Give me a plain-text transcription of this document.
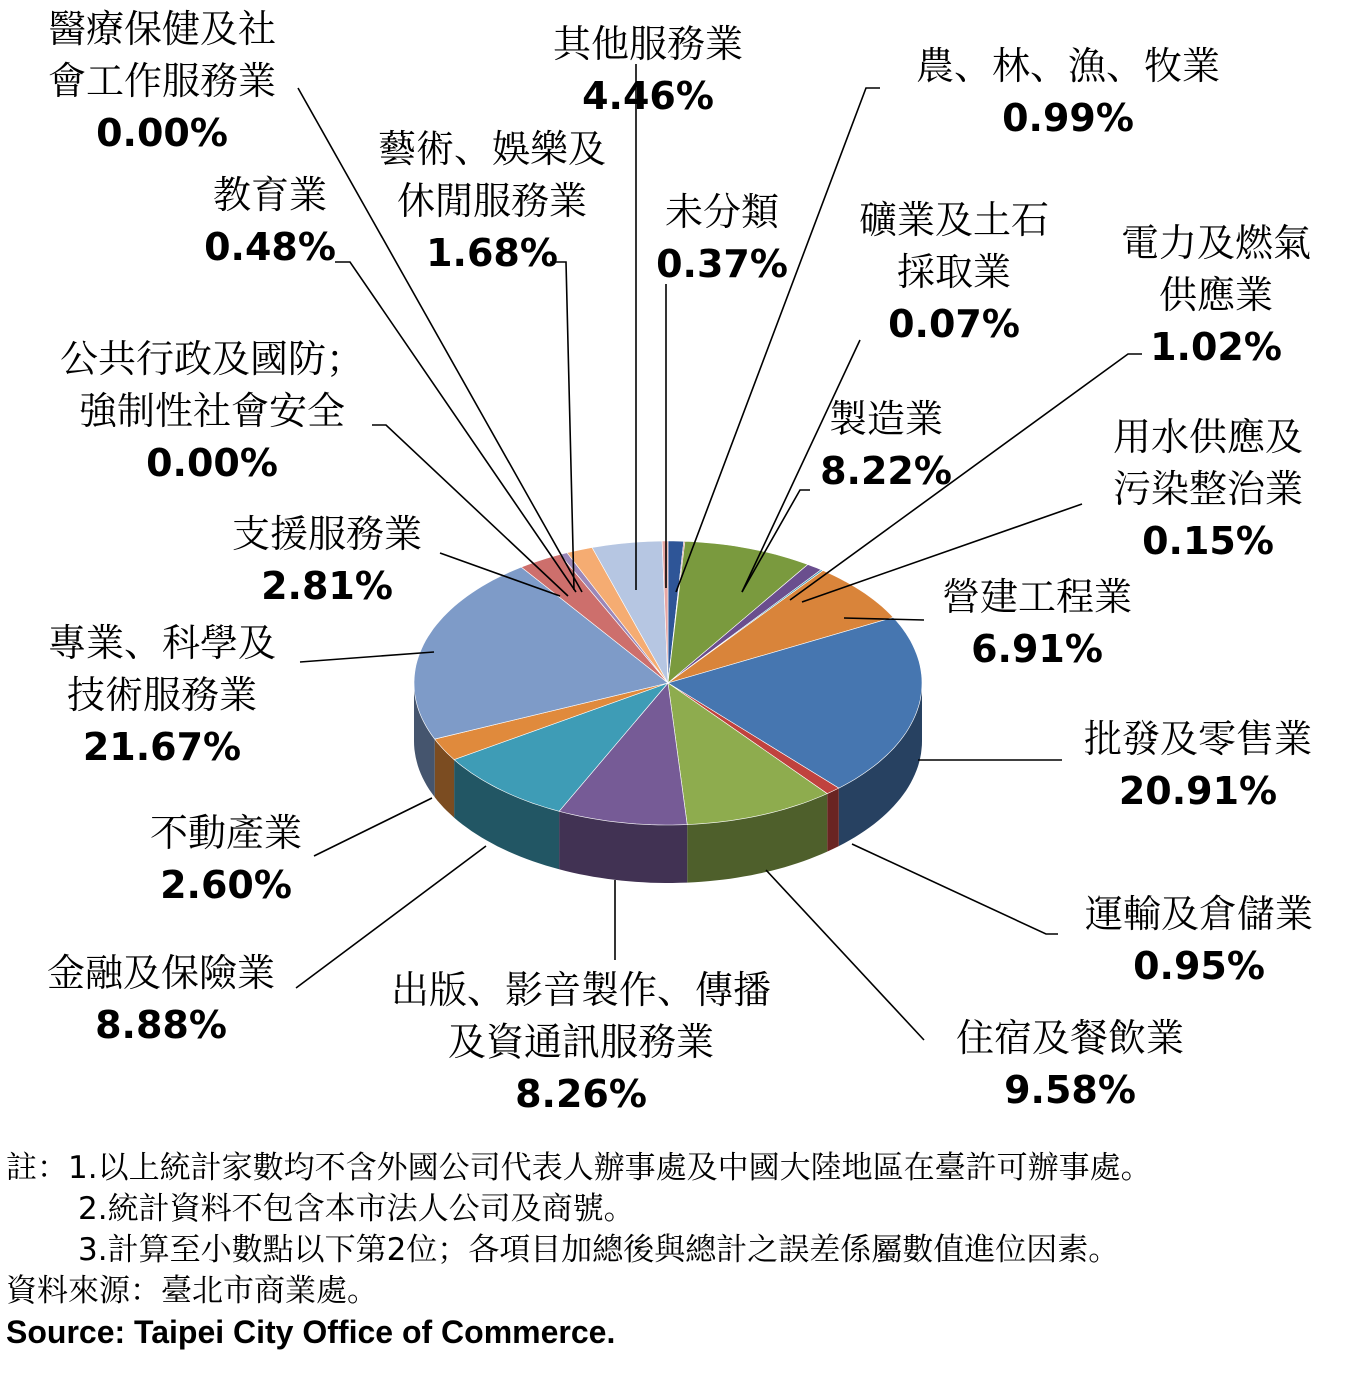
醫療保健及社
會工作服務業
0.00%
其他服務業
4.46%
農、林、漁、牧業
0.99%
藝術、娛樂及
休閒服務業
1.68%
教育業
0.48%
未分類
0.37%
礦業及土石
採取業
0.07%
電力及燃氣
供應業
1.02%
公共行政及國防；
強制性社會安全
0.00%
製造業
8.22%
用水供應及
污染整治業
0.15%
支援服務業
2.81%	營建工程業
6.91%
專業、科學及
技術服務業
21.67%	批發及零售業
20.91%
不動產業
2.60%
運輸及倉儲業
0.95%
金融及保險業
8.88%
出版、影音製作、傳播
及資通訊服務業
8.26%
住宿及餐飲業
9.58%
註：1.以上統計家數均不含外國公司代表人辦事處及中國大陸地區在臺許可辦事處。
2.統計資料不包含本市法人公司及商號。
3.計算至小數點以下第2位；各項目加總後與總計之誤差係屬數值進位因素。
資料來源：臺北市商業處。
Source: Taipei City Office of Commerce.
